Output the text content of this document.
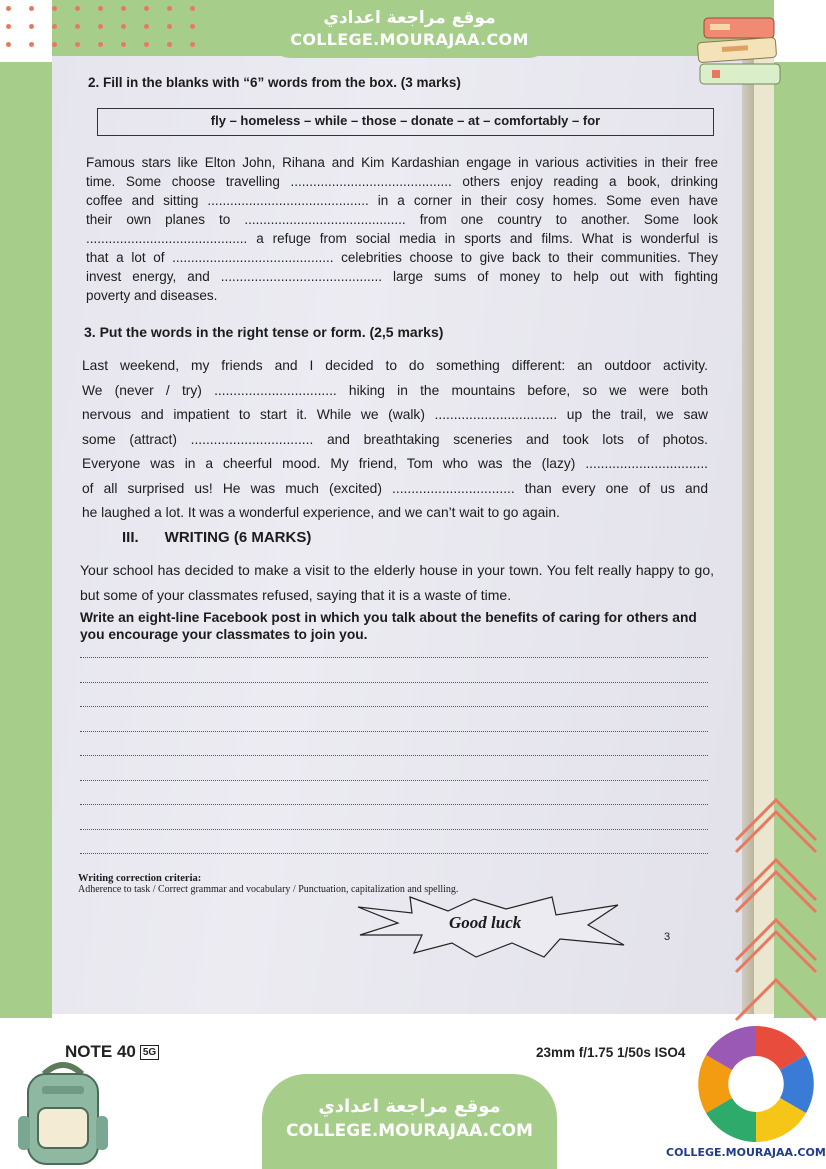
2. Fill in the blanks with “6” words from the box. (3 marks)
fly – homeless – while – those – donate – at – comfortably – for

Famous stars like Elton John, Rihana and Kim Kardashian engage in various activities in their free

time. Some choose travelling ........................................... others enjoy reading a book, drinking

coffee and sitting ........................................... in a corner in their cosy homes. Some even have

their own planes to ........................................... from one country to another. Some look

........................................... a refuge from social media in sports and films. What is wonderful is

that a lot of ........................................... celebrities choose to give back to their communities. They

invest energy, and ........................................... large sums of money to help out with fighting

poverty and diseases.

3. Put the words in the right tense or form. (2,5 marks)

Last weekend, my friends and I decided to do something different: an outdoor activity.

We (never / try) ................................ hiking in the mountains before, so we were both

nervous and impatient to start it. While we (walk) ................................ up the trail, we saw

some (attract) ................................ and breathtaking sceneries and took lots of photos.

Everyone was in a cheerful mood. My friend, Tom who was the (lazy) ................................

of all surprised us! He was much (excited) ................................ than every one of us and

he laughed a lot. It was a wonderful experience, and we can’t wait to go again.

III. WRITING (6 MARKS)
Your school has decided to make a visit to the elderly house in your town. You felt really happy to go, but some of your classmates refused, saying that it is a waste of time.
Write an eight-line Facebook post in which you talk about the benefits of caring for others and you encourage your classmates to join you.
Writing correction criteria:
Adherence to task / Correct grammar and vocabulary / Punctuation, capitalization and spelling.
Good luck
3
NOTE 40 5G	23mm f/1.75 1/50s ISO4
موقع مراجعة اعدادي
COLLEGE.MOURAJAA.COM
موقع مراجعة اعدادي
COLLEGE.MOURAJAA.COM
COLLEGE.MOURAJAA.COM
